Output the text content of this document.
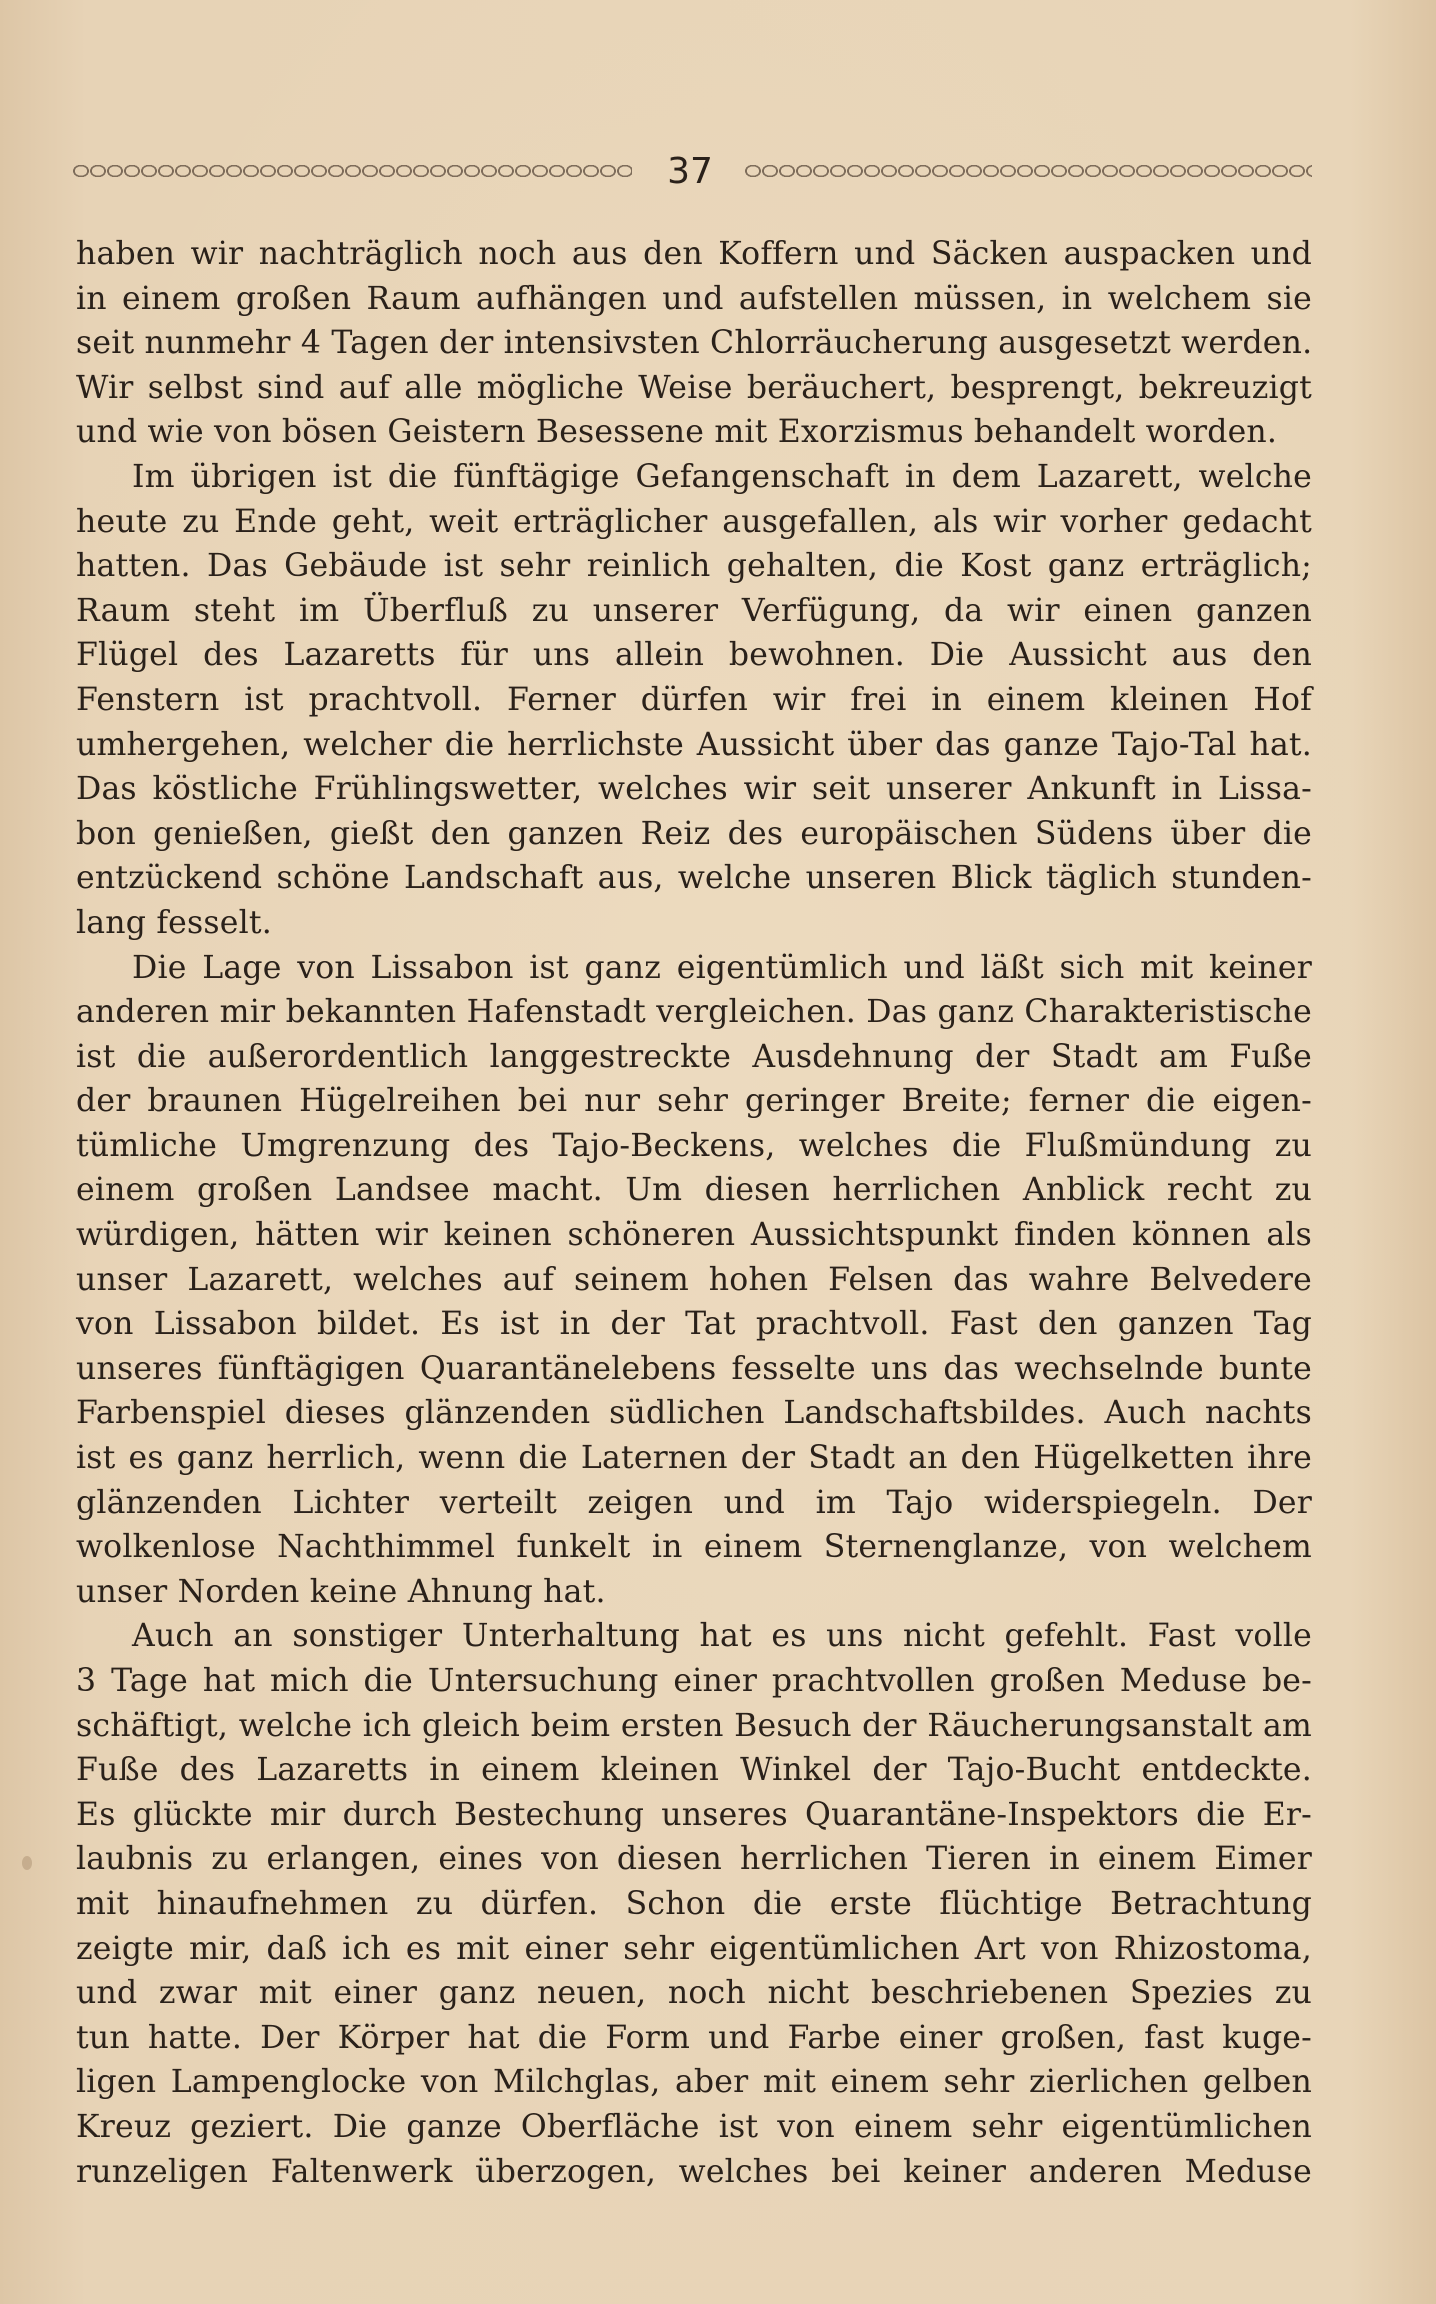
37
haben wir nachträglich noch aus den Koffern und Säcken auspacken und
in einem großen Raum aufhängen und aufstellen müssen, in welchem sie
seit nunmehr 4 Tagen der intensivsten Chlorräucherung ausgesetzt werden.
Wir selbst sind auf alle mögliche Weise beräuchert, besprengt, bekreuzigt
und wie von bösen Geistern Besessene mit Exorzismus behandelt worden.
Im übrigen ist die fünftägige Gefangenschaft in dem Lazarett, welche
heute zu Ende geht, weit erträglicher ausgefallen, als wir vorher gedacht
hatten. Das Gebäude ist sehr reinlich gehalten, die Kost ganz erträglich;
Raum steht im Überfluß zu unserer Verfügung, da wir einen ganzen
Flügel des Lazaretts für uns allein bewohnen. Die Aussicht aus den
Fenstern ist prachtvoll. Ferner dürfen wir frei in einem kleinen Hof
umhergehen, welcher die herrlichste Aussicht über das ganze Tajo-Tal hat.
Das köstliche Frühlingswetter, welches wir seit unserer Ankunft in Lissa-
bon genießen, gießt den ganzen Reiz des europäischen Südens über die
entzückend schöne Landschaft aus, welche unseren Blick täglich stunden-
lang fesselt.
Die Lage von Lissabon ist ganz eigentümlich und läßt sich mit keiner
anderen mir bekannten Hafenstadt vergleichen. Das ganz Charakteristische
ist die außerordentlich langgestreckte Ausdehnung der Stadt am Fuße
der braunen Hügelreihen bei nur sehr geringer Breite; ferner die eigen-
tümliche Umgrenzung des Tajo-Beckens, welches die Flußmündung zu
einem großen Landsee macht. Um diesen herrlichen Anblick recht zu
würdigen, hätten wir keinen schöneren Aussichtspunkt finden können als
unser Lazarett, welches auf seinem hohen Felsen das wahre Belvedere
von Lissabon bildet. Es ist in der Tat prachtvoll. Fast den ganzen Tag
unseres fünftägigen Quarantänelebens fesselte uns das wechselnde bunte
Farbenspiel dieses glänzenden südlichen Landschaftsbildes. Auch nachts
ist es ganz herrlich, wenn die Laternen der Stadt an den Hügelketten ihre
glänzenden Lichter verteilt zeigen und im Tajo widerspiegeln. Der
wolkenlose Nachthimmel funkelt in einem Sternenglanze, von welchem
unser Norden keine Ahnung hat.
Auch an sonstiger Unterhaltung hat es uns nicht gefehlt. Fast volle
3 Tage hat mich die Untersuchung einer prachtvollen großen Meduse be-
schäftigt, welche ich gleich beim ersten Besuch der Räucherungsanstalt am
Fuße des Lazaretts in einem kleinen Winkel der Tajo-Bucht entdeckte.
Es glückte mir durch Bestechung unseres Quarantäne-Inspektors die Er-
laubnis zu erlangen, eines von diesen herrlichen Tieren in einem Eimer
mit hinaufnehmen zu dürfen. Schon die erste flüchtige Betrachtung
zeigte mir, daß ich es mit einer sehr eigentümlichen Art von Rhizostoma,
und zwar mit einer ganz neuen, noch nicht beschriebenen Spezies zu
tun hatte. Der Körper hat die Form und Farbe einer großen, fast kuge-
ligen Lampenglocke von Milchglas, aber mit einem sehr zierlichen gelben
Kreuz geziert. Die ganze Oberfläche ist von einem sehr eigentümlichen
runzeligen Faltenwerk überzogen, welches bei keiner anderen Meduse
